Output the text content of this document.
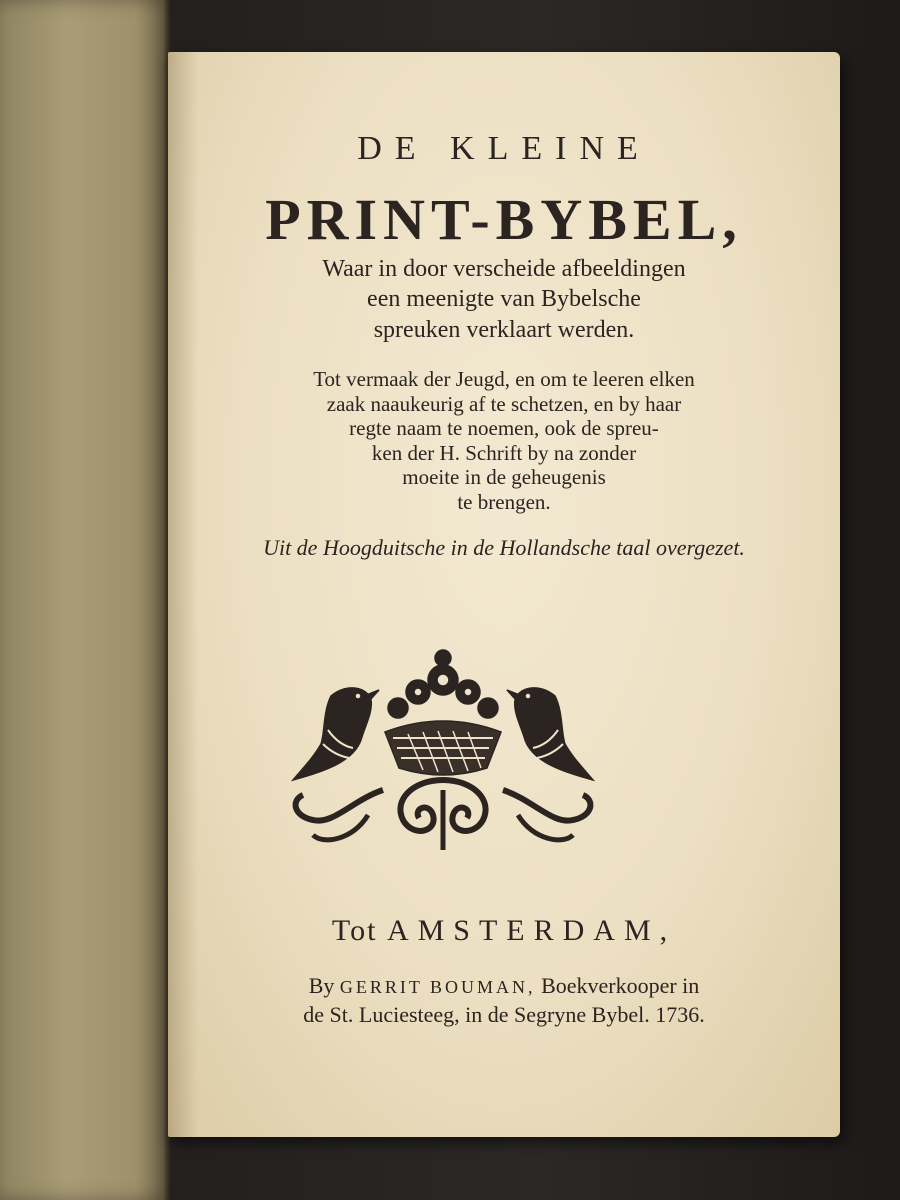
DE KLEINE

PRINT-BYBEL,

Waar in door verscheide afbeeldingen

een meenigte van Bybelsche

spreuken verklaart werden.

Tot vermaak der Jeugd, en om te leeren elken

zaak naaukeurig af te schetzen, en by haar

regte naam te noemen, ook de spreu-

ken der H. Schrift by na zonder

moeite in de geheugenis

te brengen.

Uit de Hoogduitsche in de Hollandsche taal overgezet.

Tot AMSTERDAM,

By GERRIT BOUMAN, Boekverkooper in

de St. Luciesteeg, in de Segryne Bybel. 1736.
